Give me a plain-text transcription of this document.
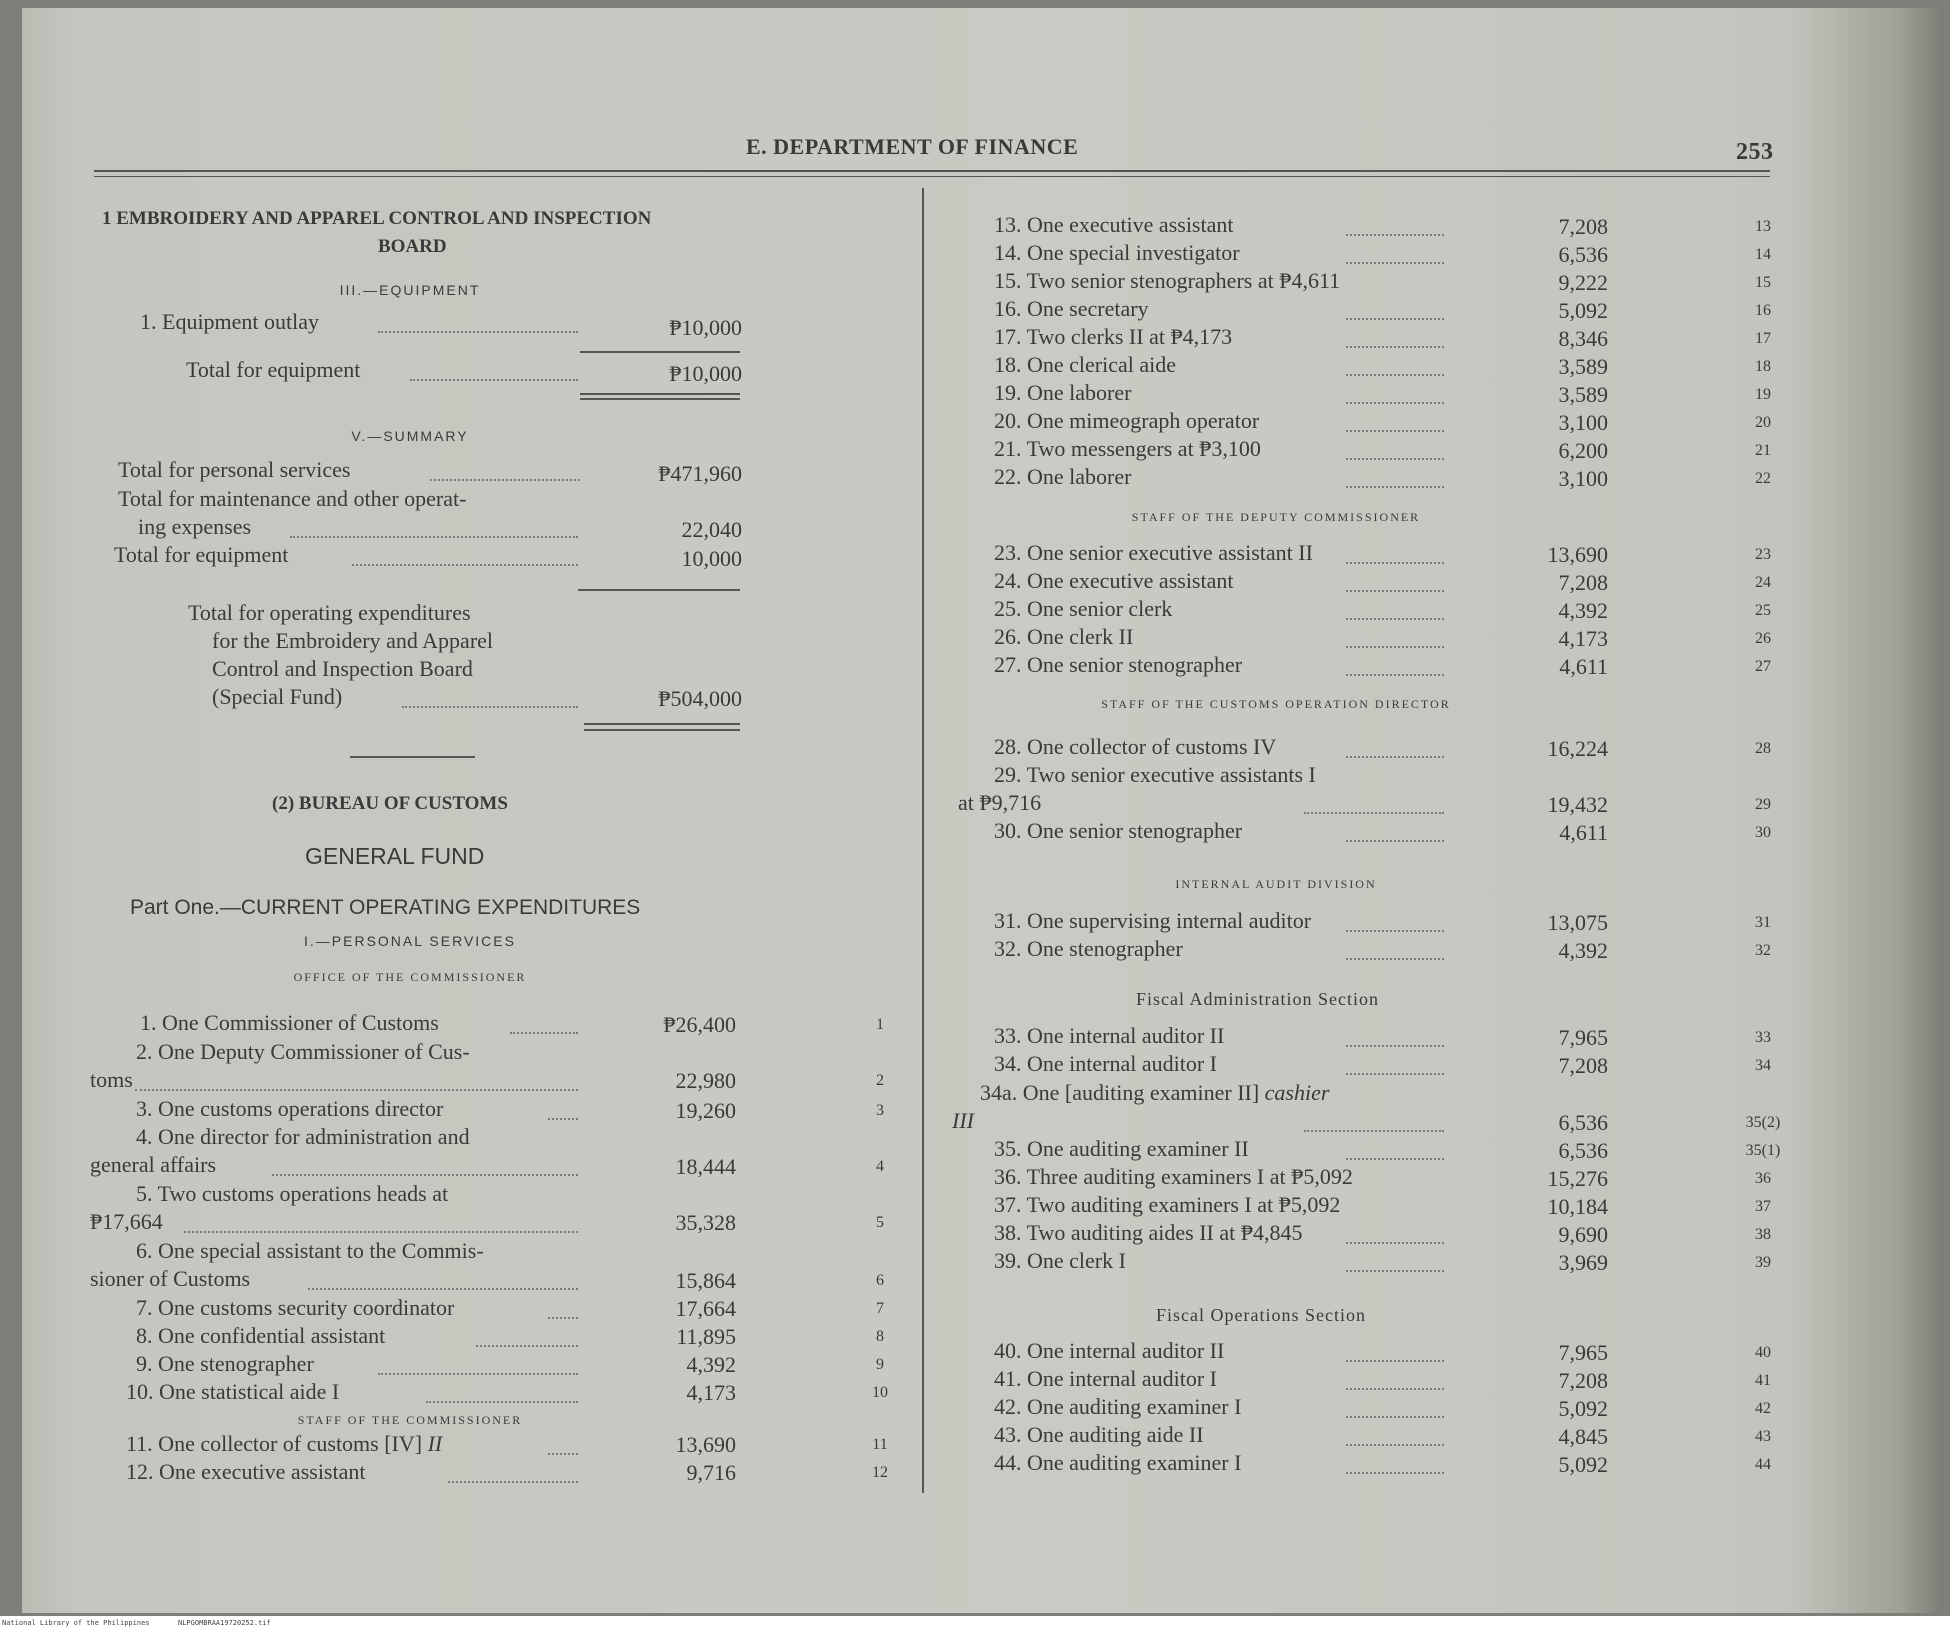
E. DEPARTMENT OF FINANCE	253
1 EMBROIDERY AND APPAREL CONTROL AND INSPECTION
BOARD
III.—EQUIPMENT
1. Equipment outlay	₱10,000
Total for equipment	₱10,000
V.—SUMMARY
Total for personal services	₱471,960
Total for maintenance and other operat-
ing expenses	22,040
Total for equipment	10,000
Total for operating expenditures
for the Embroidery and Apparel
Control and Inspection Board
(Special Fund)	₱504,000
(2) BUREAU OF CUSTOMS
GENERAL FUND
Part One.—CURRENT OPERATING EXPENDITURES
I.—PERSONAL SERVICES
OFFICE OF THE COMMISSIONER
STAFF OF THE COMMISSIONER
1. One Commissioner of Customs	₱26,400	1
2. One Deputy Commissioner of Cus-
toms	22,980	2
3. One customs operations director	19,260	3
4. One director for administration and
general affairs	18,444	4
5. Two customs operations heads at
₱17,664	35,328	5
6. One special assistant to the Commis-
sioner of Customs	15,864	6
7. One customs security coordinator	17,664	7
8. One confidential assistant	11,895	8
9. One stenographer	4,392	9
10. One statistical aide I	4,173	10
11. One collector of customs [IV] II	13,690	11
12. One executive assistant	9,716	12
STAFF OF THE DEPUTY COMMISSIONER
STAFF OF THE CUSTOMS OPERATION DIRECTOR
INTERNAL AUDIT DIVISION
Fiscal Administration Section
Fiscal Operations Section
13. One executive assistant	7,208	13
14. One special investigator	6,536	14
15. Two senior stenographers at ₱4,611	9,222	15
16. One secretary	5,092	16
17. Two clerks II at ₱4,173	8,346	17
18. One clerical aide	3,589	18
19. One laborer	3,589	19
20. One mimeograph operator	3,100	20
21. Two messengers at ₱3,100	6,200	21
22. One laborer	3,100	22
23. One senior executive assistant II	13,690	23
24. One executive assistant	7,208	24
25. One senior clerk	4,392	25
26. One clerk II	4,173	26
27. One senior stenographer	4,611	27
28. One collector of customs IV	16,224	28
29. Two senior executive assistants I
at ₱9,716	19,432	29
30. One senior stenographer	4,611	30
31. One supervising internal auditor	13,075	31
32. One stenographer	4,392	32
33. One internal auditor II	7,965	33
34. One internal auditor I	7,208	34
34a. One [auditing examiner II] cashier
III	6,536	35(2)
35. One auditing examiner II	6,536	35(1)
36. Three auditing examiners I at ₱5,092	15,276	36
37. Two auditing examiners I at ₱5,092	10,184	37
38. Two auditing aides II at ₱4,845	9,690	38
39. One clerk I	3,969	39
40. One internal auditor II	7,965	40
41. One internal auditor I	7,208	41
42. One auditing examiner I	5,092	42
43. One auditing aide II	4,845	43
44. One auditing examiner I	5,092	44
National Library of the Philippines	NLPGOMBRAA19720252.tif
